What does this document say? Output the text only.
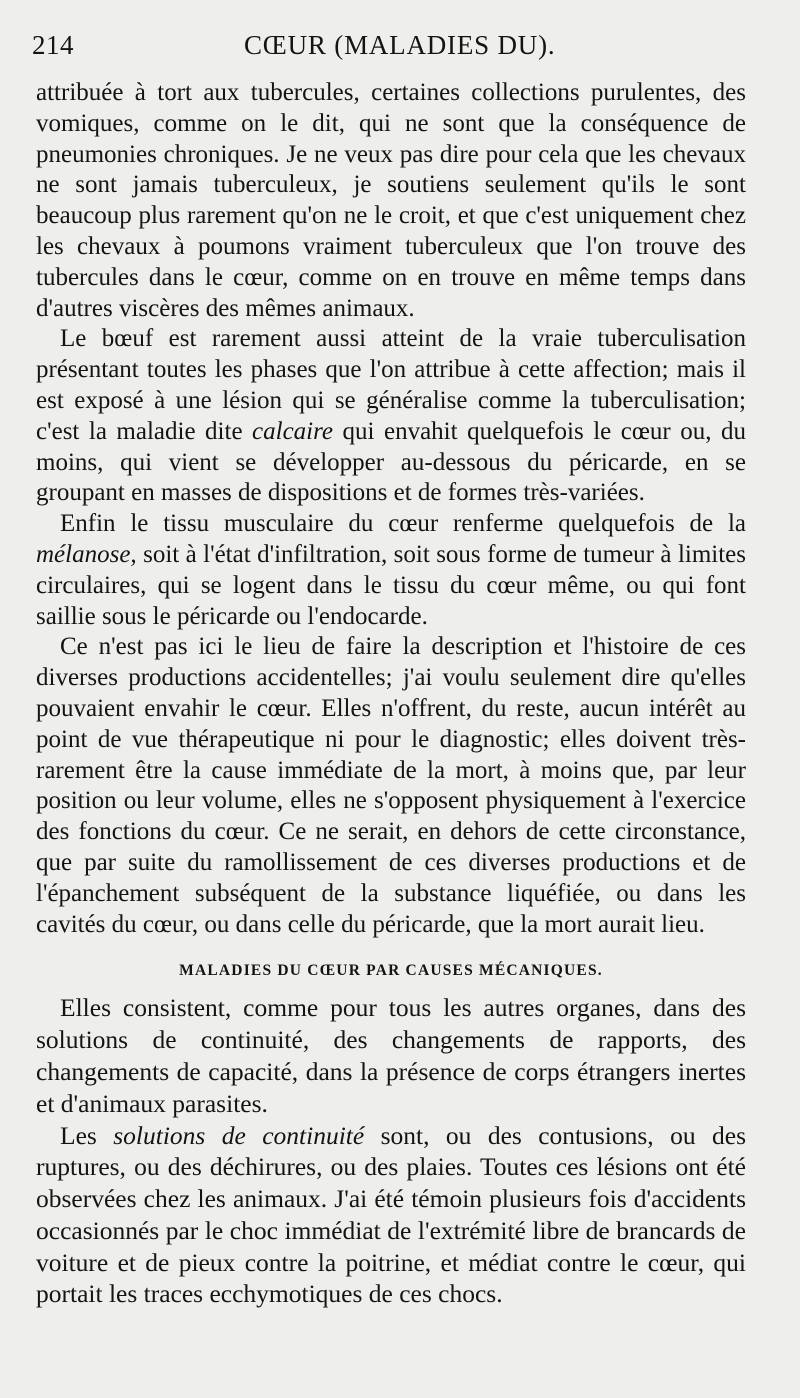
214	CŒUR (MALADIES DU).

attribuée à tort aux tubercules, certaines collections purulentes, des vomiques, comme on le dit, qui ne sont que la conséquence de pneumonies chroniques. Je ne veux pas dire pour cela que les chevaux ne sont jamais tuberculeux, je soutiens seulement qu'ils le sont beaucoup plus rarement qu'on ne le croit, et que c'est uniquement chez les chevaux à poumons vraiment tuberculeux que l'on trouve des tubercules dans le cœur, comme on en trouve en même temps dans d'autres viscères des mêmes animaux.

Le bœuf est rarement aussi atteint de la vraie tuberculisation présentant toutes les phases que l'on attribue à cette affection; mais il est exposé à une lésion qui se généralise comme la tuberculisation; c'est la maladie dite calcaire qui envahit quelquefois le cœur ou, du moins, qui vient se développer au-dessous du péricarde, en se groupant en masses de dispositions et de formes très-variées.

Enfin le tissu musculaire du cœur renferme quelquefois de la mélanose, soit à l'état d'infiltration, soit sous forme de tumeur à limites circulaires, qui se logent dans le tissu du cœur même, ou qui font saillie sous le péricarde ou l'endocarde.

Ce n'est pas ici le lieu de faire la description et l'histoire de ces diverses productions accidentelles; j'ai voulu seulement dire qu'elles pouvaient envahir le cœur. Elles n'offrent, du reste, aucun intérêt au point de vue thérapeutique ni pour le diagnostic; elles doivent très-rarement être la cause immédiate de la mort, à moins que, par leur position ou leur volume, elles ne s'opposent physiquement à l'exercice des fonctions du cœur. Ce ne serait, en dehors de cette circonstance, que par suite du ramollissement de ces diverses productions et de l'épanchement subséquent de la substance liquéfiée, ou dans les cavités du cœur, ou dans celle du péricarde, que la mort aurait lieu.

MALADIES DU CŒUR PAR CAUSES MÉCANIQUES.

Elles consistent, comme pour tous les autres organes, dans des solutions de continuité, des changements de rapports, des changements de capacité, dans la présence de corps étrangers inertes et d'animaux parasites.

Les solutions de continuité sont, ou des contusions, ou des ruptures, ou des déchirures, ou des plaies. Toutes ces lésions ont été observées chez les animaux. J'ai été témoin plusieurs fois d'accidents occasionnés par le choc immédiat de l'extrémité libre de brancards de voiture et de pieux contre la poitrine, et médiat contre le cœur, qui portait les traces ecchymotiques de ces chocs.
